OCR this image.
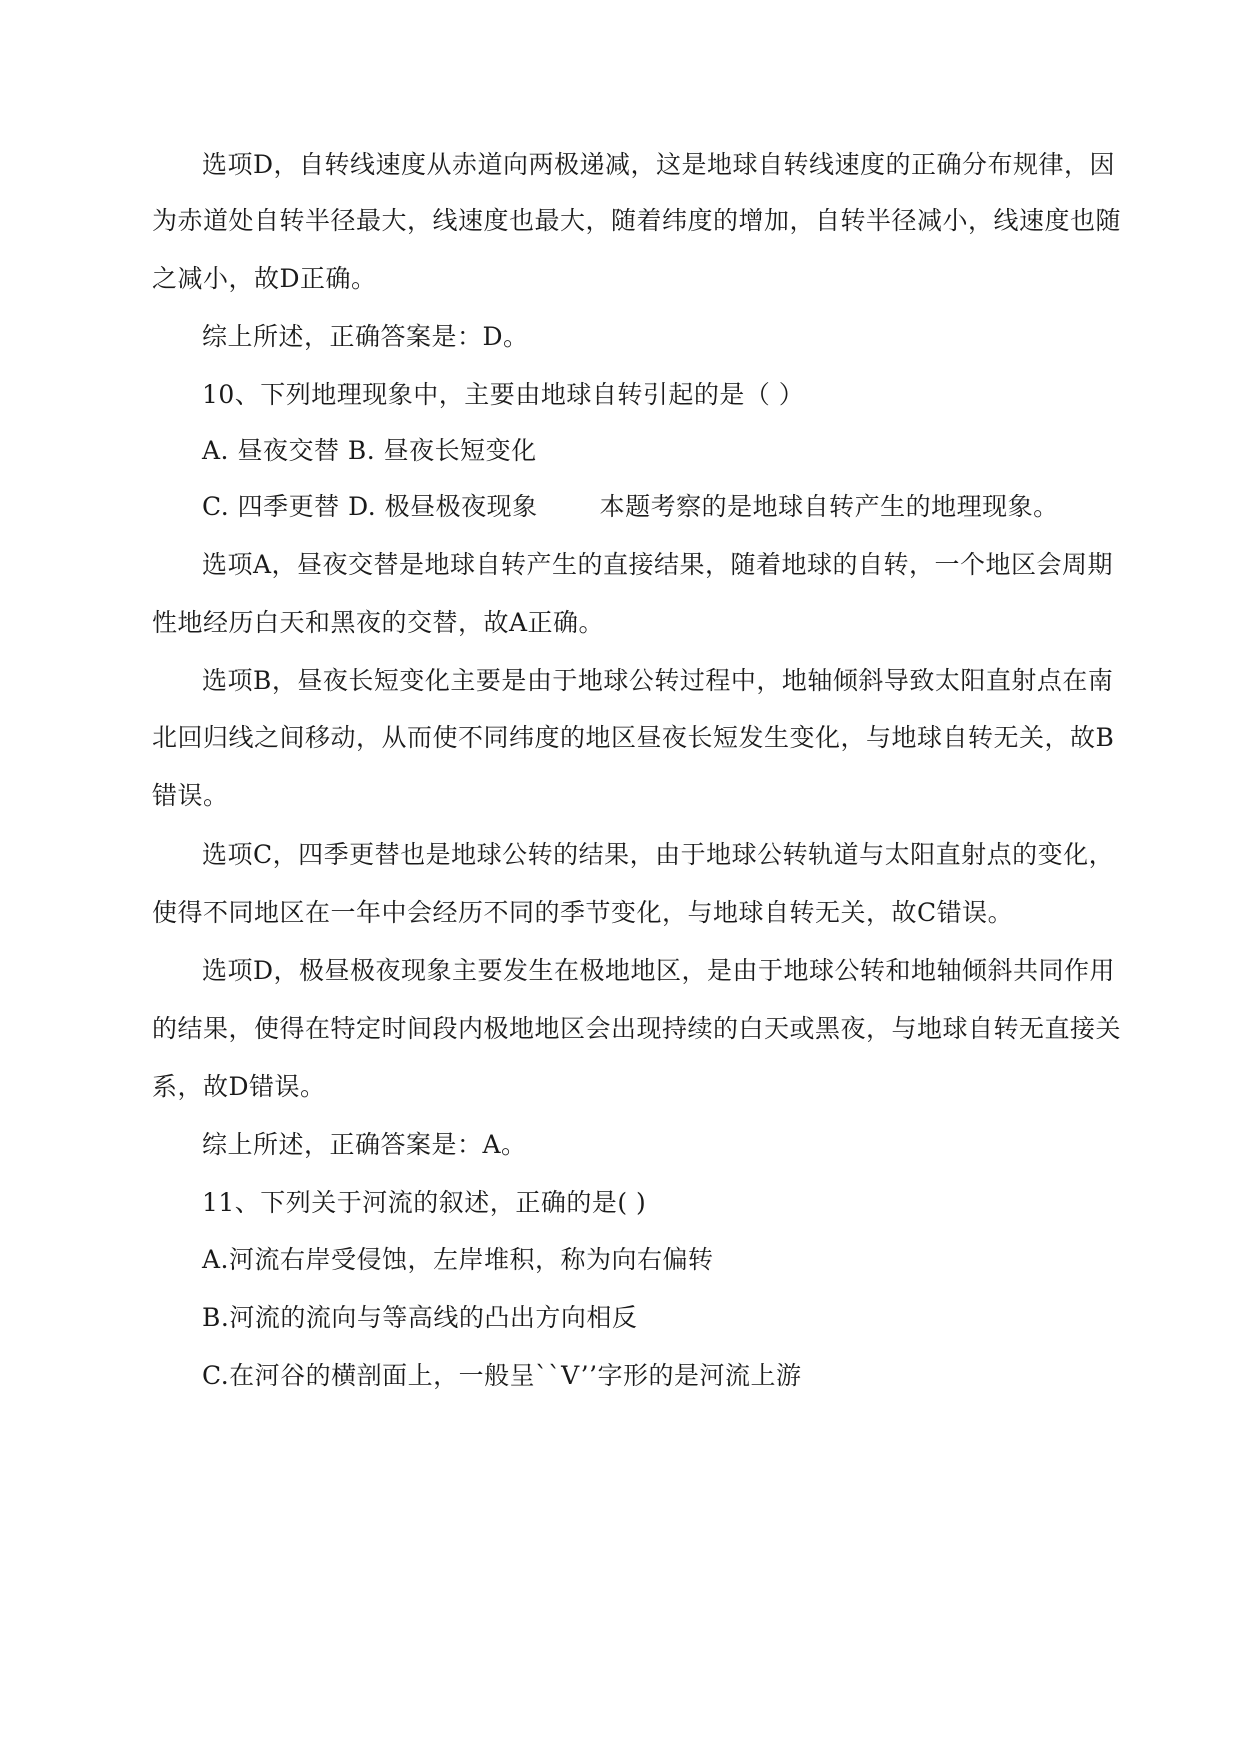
选项D，自转线速度从赤道向两极递减，这是地球自转线速度的正确分布规律，因
为赤道处自转半径最大，线速度也最大，随着纬度的增加，自转半径减小，线速度也随
之减小，故D正确。
综上所述，正确答案是：D。
10、下列地理现象中，主要由地球自转引起的是（ ）
A. 昼夜交替 B. 昼夜长短变化
C. 四季更替 D. 极昼极夜现象 本题考察的是地球自转产生的地理现象。
选项A，昼夜交替是地球自转产生的直接结果，随着地球的自转，一个地区会周期
性地经历白天和黑夜的交替，故A正确。
选项B，昼夜长短变化主要是由于地球公转过程中，地轴倾斜导致太阳直射点在南
北回归线之间移动，从而使不同纬度的地区昼夜长短发生变化，与地球自转无关，故B
错误。
选项C，四季更替也是地球公转的结果，由于地球公转轨道与太阳直射点的变化，
使得不同地区在一年中会经历不同的季节变化，与地球自转无关，故C错误。
选项D，极昼极夜现象主要发生在极地地区，是由于地球公转和地轴倾斜共同作用
的结果，使得在特定时间段内极地地区会出现持续的白天或黑夜，与地球自转无直接关
系，故D错误。
综上所述，正确答案是：A。
11、下列关于河流的叙述，正确的是( )
A.河流右岸受侵蚀，左岸堆积，称为向右偏转
B.河流的流向与等高线的凸出方向相反
C.在河谷的横剖面上，一般呈``V’’字形的是河流上游
